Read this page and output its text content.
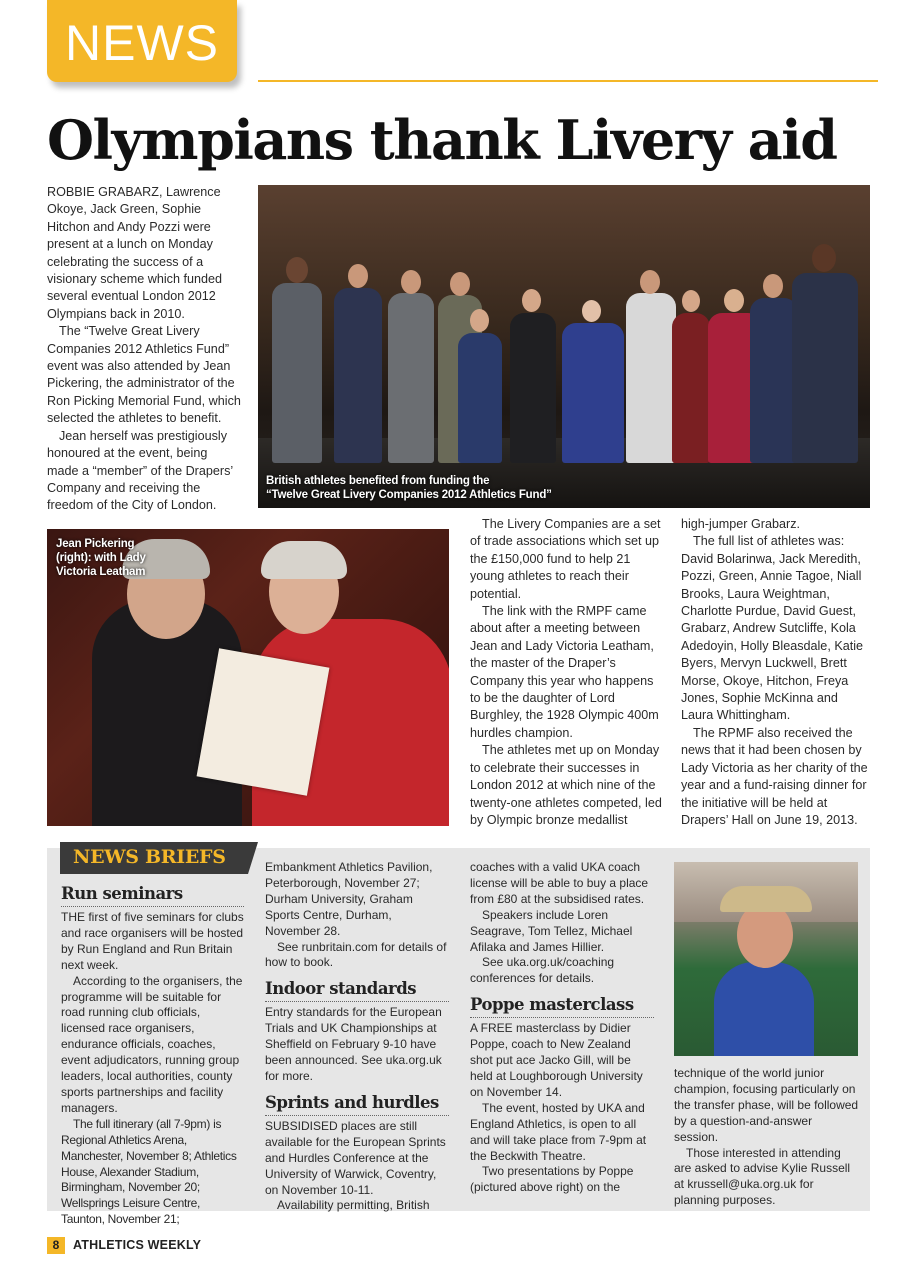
NEWS
Olympians thank Livery aid

ROBBIE GRABARZ, Lawrence Okoye, Jack Green, Sophie Hitchon and Andy Pozzi were present at a lunch on Monday celebrating the success of a visionary scheme which funded several eventual London 2012 Olympians back in 2010.

The “Twelve Great Livery Companies 2012 Athletics Fund” event was also attended by Jean Pickering, the administrator of the Ron Picking Memorial Fund, which selected the athletes to benefit.

Jean herself was prestigiously honoured at the event, being made a “member” of the Drapers’ Company and receiving the freedom of the City of London.

British athletes benefited from funding the
“Twelve Great Livery Companies 2012 Athletics Fund”
Jean Pickering
(right): with Lady
Victoria Leatham

The Livery Companies are a set of trade associations which set up the £150,000 fund to help 21 young athletes to reach their potential.

The link with the RMPF came about after a meeting between Jean and Lady Victoria Leatham, the master of the Draper’s Company this year who happens to be the daughter of Lord Burghley, the 1928 Olympic 400m hurdles champion.

The athletes met up on Monday to celebrate their successes in London 2012 at which nine of the twenty-one athletes competed, led by Olympic bronze medallist

high-jumper Grabarz.

The full list of athletes was: David Bolarinwa, Jack Meredith, Pozzi, Green, Annie Tagoe, Niall Brooks, Laura Weightman, Charlotte Purdue, David Guest, Grabarz, Andrew Sutcliffe, Kola Adedoyin, Holly Bleasdale, Katie Byers, Mervyn Luckwell, Brett Morse, Okoye, Hitchon, Freya Jones, Sophie McKinna and Laura Whittingham.

The RPMF also received the news that it had been chosen by Lady Victoria as her charity of the year and a fund-raising dinner for the initiative will be held at Drapers’ Hall on June 19, 2013.

NEWS BRIEFS
Run seminars

THE first of five seminars for clubs and race organisers will be hosted by Run England and Run Britain next week.

According to the organisers, the programme will be suitable for road running club officials, licensed race organisers, endurance officials, coaches, event adjudicators, running group leaders, local authorities, county sports partnerships and facility managers.

The full itinerary (all 7-9pm) is Regional Athletics Arena, Manchester, November 8; Athletics House, Alexander Stadium, Birmingham, November 20; Wellsprings Leisure Centre, Taunton, November 21;

Embankment Athletics Pavilion, Peterborough, November 27; Durham University, Graham Sports Centre, Durham, November 28.

See runbritain.com for details of how to book.

Indoor standards

Entry standards for the European Trials and UK Championships at Sheffield on February 9-10 have been announced. See uka.org.uk for more.

Sprints and hurdles

SUBSIDISED places are still available for the European Sprints and Hurdles Conference at the University of Warwick, Coventry, on November 10-11.

Availability permitting, British

coaches with a valid UKA coach license will be able to buy a place from £80 at the subsidised rates.

Speakers include Loren Seagrave, Tom Tellez, Michael Afilaka and James Hillier.

See uka.org.uk/coaching conferences for details.

Poppe masterclass

A FREE masterclass by Didier Poppe, coach to New Zealand shot put ace Jacko Gill, will be held at Loughborough University on November 14.

The event, hosted by UKA and England Athletics, is open to all and will take place from 7-9pm at the Beckwith Theatre.

Two presentations by Poppe (pictured above right) on the

technique of the world junior champion, focusing particularly on the transfer phase, will be followed by a question-and-answer session.

Those interested in attending are asked to advise Kylie Russell at krussell@uka.org.uk for planning purposes.

8	ATHLETICS WEEKLY
